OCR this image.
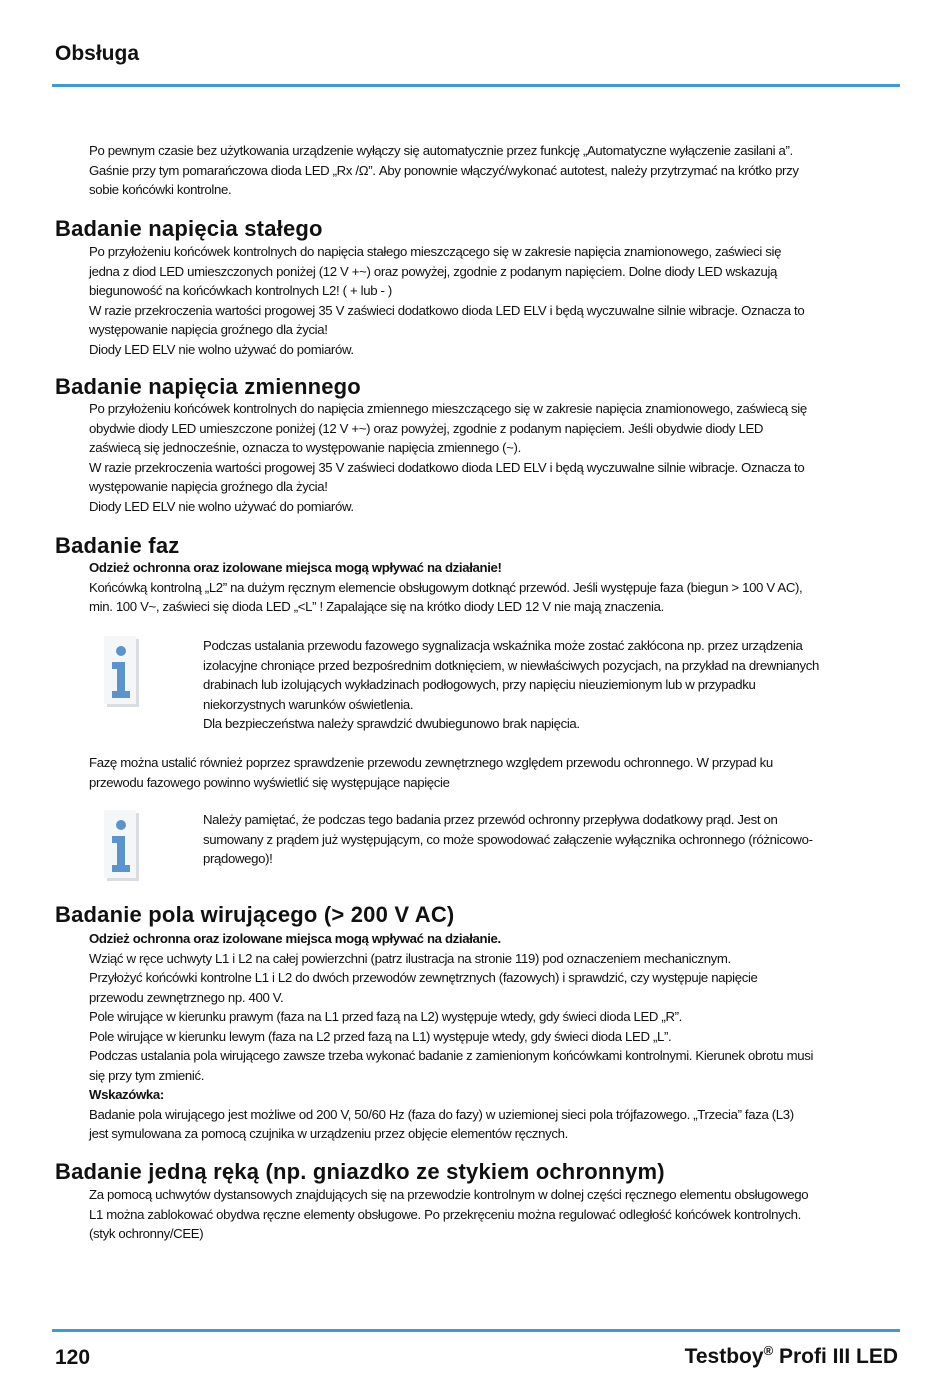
Obsługa

Po pewnym czasie bez użytkowania urządzenie wyłączy się automatycznie przez funkcję „Automatyczne wyłączenie zasilani a”.

Gaśnie przy tym pomarańczowa dioda LED „Rx /Ω”. Aby ponownie włączyć/wykonać autotest, należy przytrzymać na krótko przy

sobie końcówki kontrolne.

Badanie napięcia stałego

Po przyłożeniu końcówek kontrolnych do napięcia stałego mieszczącego się w zakresie napięcia znamionowego, zaświeci się

jedna z diod LED umieszczonych poniżej (12 V +~) oraz powyżej, zgodnie z podanym napięciem. Dolne diody LED wskazują

biegunowość na końcówkach kontrolnych L2! ( + lub - )

W razie przekroczenia wartości progowej 35 V zaświeci dodatkowo dioda LED ELV i będą wyczuwalne silnie wibracje. Oznacza to

występowanie napięcia groźnego dla życia!

Diody LED ELV nie wolno używać do pomiarów.

Badanie napięcia zmiennego

Po przyłożeniu końcówek kontrolnych do napięcia zmiennego mieszczącego się w zakresie napięcia znamionowego, zaświecą się

obydwie diody LED umieszczone poniżej (12 V +~) oraz powyżej, zgodnie z podanym napięciem. Jeśli obydwie diody LED

zaświecą się jednocześnie, oznacza to występowanie napięcia zmiennego (~).

W razie przekroczenia wartości progowej 35 V zaświeci dodatkowo dioda LED ELV i będą wyczuwalne silnie wibracje. Oznacza to

występowanie napięcia groźnego dla życia!

Diody LED ELV nie wolno używać do pomiarów.

Badanie faz

Odzież ochronna oraz izolowane miejsca mogą wpływać na działanie!

Końcówką kontrolną „L2” na dużym ręcznym elemencie obsługowym dotknąć przewód. Jeśli występuje faza (biegun > 100 V AC),

min. 100 V~, zaświeci się dioda LED „<L” ! Zapalające się na krótko diody LED 12 V nie mają znaczenia.

Podczas ustalania przewodu fazowego sygnalizacja wskaźnika może zostać zakłócona np. przez urządzenia

izolacyjne chroniące przed bezpośrednim dotknięciem, w niewłaściwych pozycjach, na przykład na drewnianych

drabinach lub izolujących wykładzinach podłogowych, przy napięciu nieuziemionym lub w przypadku

niekorzystnych warunków oświetlenia.

Dla bezpieczeństwa należy sprawdzić dwubiegunowo brak napięcia.

Fazę można ustalić również poprzez sprawdzenie przewodu zewnętrznego względem przewodu ochronnego. W przypad ku

przewodu fazowego powinno wyświetlić się występujące napięcie

Należy pamiętać, że podczas tego badania przez przewód ochronny przepływa dodatkowy prąd. Jest on

sumowany z prądem już występującym, co może spowodować załączenie wyłącznika ochronnego (różnicowo-

prądowego)!

Badanie pola wirującego (> 200 V AC)

Odzież ochronna oraz izolowane miejsca mogą wpływać na działanie.

Wziąć w ręce uchwyty L1 i L2 na całej powierzchni (patrz ilustracja na stronie 119) pod oznaczeniem mechanicznym.

Przyłożyć końcówki kontrolne L1 i L2 do dwóch przewodów zewnętrznych (fazowych) i sprawdzić, czy występuje napięcie

przewodu zewnętrznego np. 400 V.

Pole wirujące w kierunku prawym (faza na L1 przed fazą na L2) występuje wtedy, gdy świeci dioda LED „R”.

Pole wirujące w kierunku lewym (faza na L2 przed fazą na L1) występuje wtedy, gdy świeci dioda LED „L”.

Podczas ustalania pola wirującego zawsze trzeba wykonać badanie z zamienionym końcówkami kontrolnymi. Kierunek obrotu musi

się przy tym zmienić.

Wskazówka:

Badanie pola wirującego jest możliwe od 200 V, 50/60 Hz (faza do fazy) w uziemionej sieci pola trójfazowego. „Trzecia” faza (L3)

jest symulowana za pomocą czujnika w urządzeniu przez objęcie elementów ręcznych.

Badanie jedną ręką (np. gniazdko ze stykiem ochronnym)

Za pomocą uchwytów dystansowych znajdujących się na przewodzie kontrolnym w dolnej części ręcznego elementu obsługowego

L1 można zablokować obydwa ręczne elementy obsługowe. Po przekręceniu można regulować odległość końcówek kontrolnych.

(styk ochronny/CEE)

120	Testboy® Profi III LED
